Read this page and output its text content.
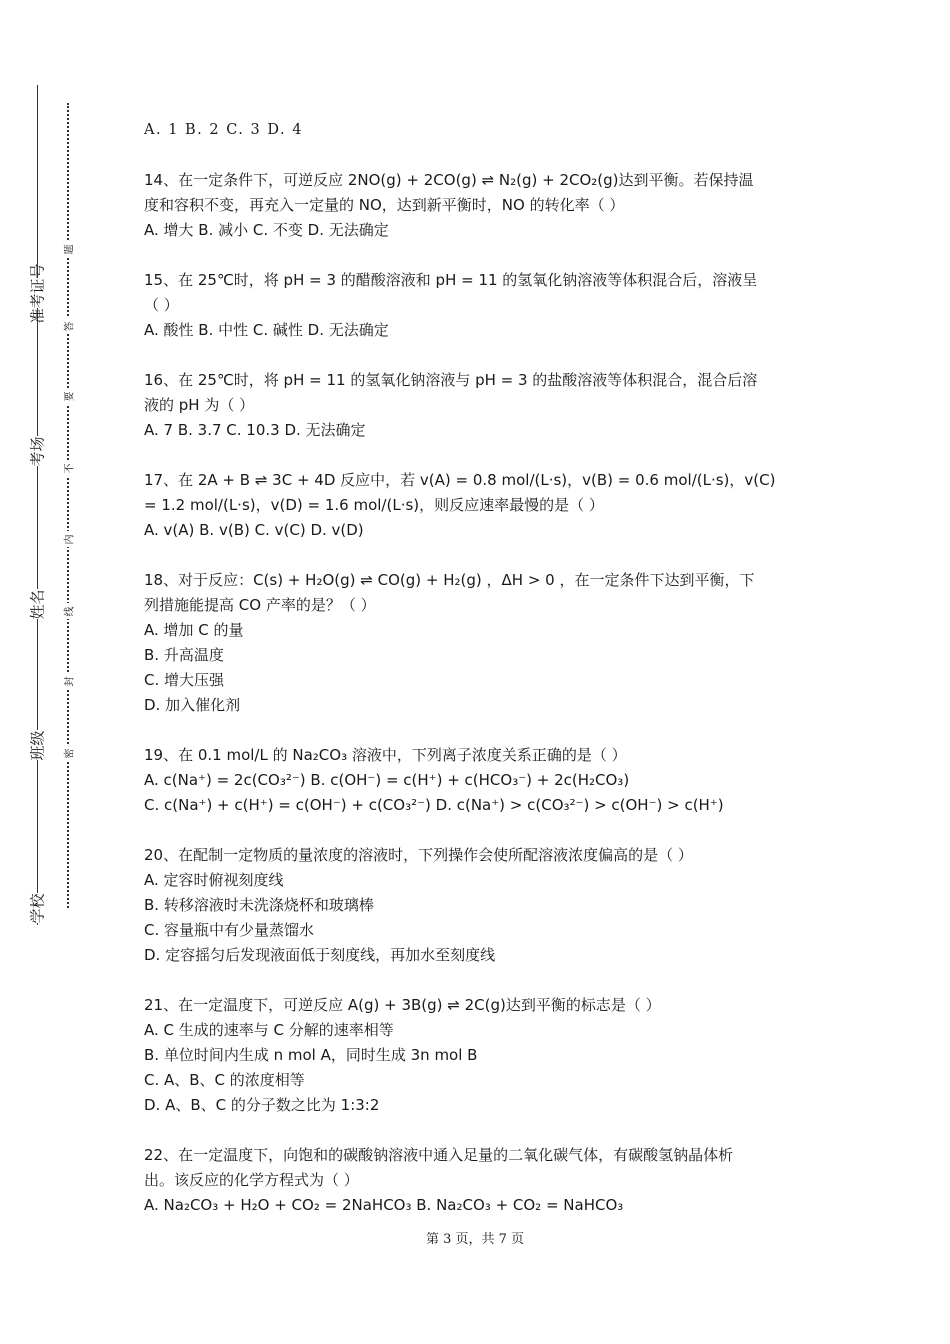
准考证号
考场
姓名
班级
学校
题
答
要
不
内
线
封
密
A. 1 B. 2 C. 3 D. 4
14、在一定条件下，可逆反应 2NO(g) + 2CO(g) ⇌ N₂(g) + 2CO₂(g)达到平衡。若保持温
度和容积不变，再充入一定量的 NO，达到新平衡时，NO 的转化率（ ）
A. 增大 B. 减小 C. 不变 D. 无法确定
15、在 25℃时，将 pH = 3 的醋酸溶液和 pH = 11 的氢氧化钠溶液等体积混合后，溶液呈
（ ）
A. 酸性 B. 中性 C. 碱性 D. 无法确定
16、在 25℃时，将 pH = 11 的氢氧化钠溶液与 pH = 3 的盐酸溶液等体积混合，混合后溶
液的 pH 为（ ）
A. 7 B. 3.7 C. 10.3 D. 无法确定
17、在 2A + B ⇌ 3C + 4D 反应中，若 v(A) = 0.8 mol/(L·s)，v(B) = 0.6 mol/(L·s)，v(C)
= 1.2 mol/(L·s)，v(D) = 1.6 mol/(L·s)，则反应速率最慢的是（ ）
A. v(A) B. v(B) C. v(C) D. v(D)
18、对于反应：C(s) + H₂O(g) ⇌ CO(g) + H₂(g) ，ΔH > 0 ，在一定条件下达到平衡，下
列措施能提高 CO 产率的是？（ ）
A. 增加 C 的量
B. 升高温度
C. 增大压强
D. 加入催化剂
19、在 0.1 mol/L 的 Na₂CO₃ 溶液中，下列离子浓度关系正确的是（ ）
A. c(Na⁺) = 2c(CO₃²⁻) B. c(OH⁻) = c(H⁺) + c(HCO₃⁻) + 2c(H₂CO₃)
C. c(Na⁺) + c(H⁺) = c(OH⁻) + c(CO₃²⁻) D. c(Na⁺) > c(CO₃²⁻) > c(OH⁻) > c(H⁺)
20、在配制一定物质的量浓度的溶液时，下列操作会使所配溶液浓度偏高的是（ ）
A. 定容时俯视刻度线
B. 转移溶液时未洗涤烧杯和玻璃棒
C. 容量瓶中有少量蒸馏水
D. 定容摇匀后发现液面低于刻度线，再加水至刻度线
21、在一定温度下，可逆反应 A(g) + 3B(g) ⇌ 2C(g)达到平衡的标志是（ ）
A. C 生成的速率与 C 分解的速率相等
B. 单位时间内生成 n mol A，同时生成 3n mol B
C. A、B、C 的浓度相等
D. A、B、C 的分子数之比为 1:3:2
22、在一定温度下，向饱和的碳酸钠溶液中通入足量的二氧化碳气体，有碳酸氢钠晶体析
出。该反应的化学方程式为（ ）
A. Na₂CO₃ + H₂O + CO₂ = 2NaHCO₃ B. Na₂CO₃ + CO₂ = NaHCO₃
第 3 页，共 7 页
